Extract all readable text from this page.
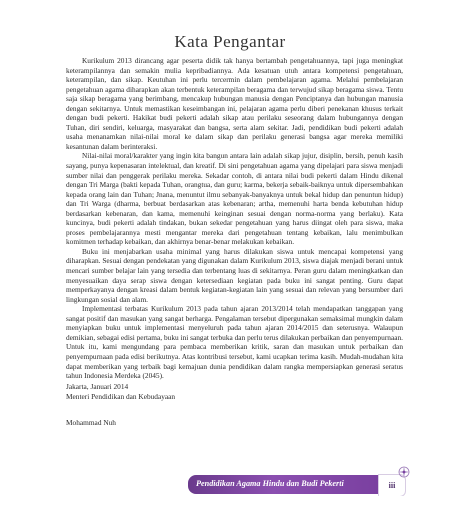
Kata Pengantar

Kurikulum 2013 dirancang agar peserta didik tak hanya bertambah pengetahuannya, tapi juga meningkat keterampilannya dan semakin mulia kepribadiannya. Ada kesatuan utuh antara kompetensi pengetahuan, keterampilan, dan sikap. Keutuhan ini perlu tercermin dalam pembelajaran agama. Melalui pembelajaran pengetahuan agama diharapkan akan terbentuk keterampilan beragama dan terwujud sikap beragama siswa. Tentu saja sikap beragama yang berimbang, mencakup hubungan manusia dengan Penciptanya dan hubungan manusia dengan sekitarnya. Untuk memastikan keseimbangan ini, pelajaran agama perlu diberi penekanan khusus terkait dengan budi pekerti. Hakikat budi pekerti adalah sikap atau perilaku seseorang dalam hubungannya dengan Tuhan, diri sendiri, keluarga, masyarakat dan bangsa, serta alam sekitar. Jadi, pendidikan budi pekerti adalah usaha menanamkan nilai-nilai moral ke dalam sikap dan perilaku generasi bangsa agar mereka memiliki kesantunan dalam berinteraksi.

Nilai-nilai moral/karakter yang ingin kita bangun antara lain adalah sikap jujur, disiplin, bersih, penuh kasih sayang, punya kepenasaran intelektual, dan kreatif. Di sini pengetahuan agama yang dipelajari para siswa menjadi sumber nilai dan penggerak perilaku mereka. Sekadar contoh, di antara nilai budi pekerti dalam Hindu dikenal dengan Tri Marga (bakti kepada Tuhan, orangtua, dan guru; karma, bekerja sebaik-baiknya untuk dipersembahkan kepada orang lain dan Tuhan; Jnana, menuntut ilmu sebanyak-banyaknya untuk bekal hidup dan penuntun hidup) dan Tri Warga (dharma, berbuat berdasarkan atas kebenaran; artha, memenuhi harta benda kebutuhan hidup berdasarkan kebenaran, dan kama, memenuhi keinginan sesuai dengan norma-norma yang berlaku). Kata kuncinya, budi pekerti adalah tindakan, bukan sekedar pengetahuan yang harus diingat oleh para siswa, maka proses pembelajarannya mesti mengantar mereka dari pengetahuan tentang kebaikan, lalu menimbulkan komitmen terhadap kebaikan, dan akhirnya benar-benar melakukan kebaikan.

Buku ini menjabarkan usaha minimal yang harus dilakukan siswa untuk mencapai kompetensi yang diharapkan. Sesuai dengan pendekatan yang digunakan dalam Kurikulum 2013, siswa diajak menjadi berani untuk mencari sumber belajar lain yang tersedia dan terbentang luas di sekitarnya. Peran guru dalam meningkatkan dan menyesuaikan daya serap siswa dengan ketersediaan kegiatan pada buku ini sangat penting. Guru dapat memperkayanya dengan kreasi dalam bentuk kegiatan-kegiatan lain yang sesuai dan relevan yang bersumber dari lingkungan sosial dan alam.

Implementasi terbatas Kurikulum 2013 pada tahun ajaran 2013/2014 telah mendapatkan tanggapan yang sangat positif dan masukan yang sangat berharga. Pengalaman tersebut dipergunakan semaksimal mungkin dalam menyiapkan buku untuk implementasi menyeluruh pada tahun ajaran 2014/2015 dan seterusnya. Walaupun demikian, sebagai edisi pertama, buku ini sangat terbuka dan perlu terus dilakukan perbaikan dan penyempurnaan. Untuk itu, kami mengundang para pembaca memberikan kritik, saran dan masukan untuk perbaikan dan penyempurnaan pada edisi berikutnya. Atas kontribusi tersebut, kami ucapkan terima kasih. Mudah-mudahan kita dapat memberikan yang terbaik bagi kemajuan dunia pendidikan dalam rangka mempersiapkan generasi seratus tahun Indonesia Merdeka (2045).

Jakarta, Januari 2014
Menteri Pendidikan dan Kebudayaan
Mohammad Nuh
Pendidikan Agama Hindu dan Budi Pekerti	iii
